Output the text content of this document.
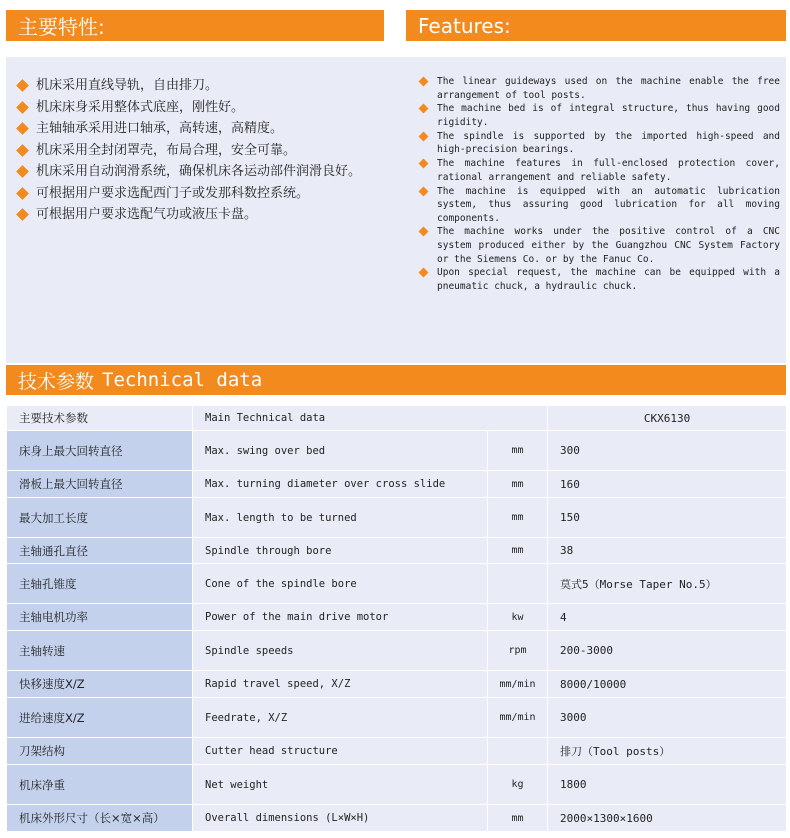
主要特性:	Features:
机床采用直线导轨，自由排刀。
机床床身采用整体式底座，刚性好。
主轴轴承采用进口轴承，高转速，高精度。
机床采用全封闭罩壳，布局合理，安全可靠。
机床采用自动润滑系统，确保机床各运动部件润滑良好。
可根据用户要求选配西门子或发那科数控系统。
可根据用户要求选配气功或液压卡盘。
The linear guideways used on the machine enable the free arrangement of tool posts.
The machine bed is of integral structure, thus having good rigidity.
The spindle is supported by the imported high-speed and high-precision bearings.
The machine features in full-enclosed protection cover, rational arrangement and reliable safety.
The machine is equipped with an automatic lubrication system, thus assuring good lubrication for all moving components.
The machine works under the positive control of a CNC system produced either by the Guangzhou CNC System Factory or the Siemens Co. or by the Fanuc Co.
Upon special request, the machine can be equipped with a pneumatic chuck, a hydraulic chuck.
技术参数 Technical data
主要技术参数	Main Technical data		CKX6130
床身上最大回转直径	Max. swing over bed	mm	300
滑板上最大回转直径	Max. turning diameter over cross slide	mm	160
最大加工长度	Max. length to be turned	mm	150
主轴通孔直径	Spindle through bore	mm	38
主轴孔锥度	Cone of the spindle bore		莫式5（Morse Taper No.5）
主轴电机功率	Power of the main drive motor	kw	4
主轴转速	Spindle speeds	rpm	200-3000
快移速度X/Z	Rapid travel speed, X/Z	mm/min	8000/10000
进给速度X/Z	Feedrate, X/Z	mm/min	3000
刀架结构	Cutter head structure		排刀（Tool posts）
机床净重	Net weight	kg	1800
机床外形尺寸（长×宽×高）	Overall dimensions (L×W×H)	mm	2000×1300×1600
